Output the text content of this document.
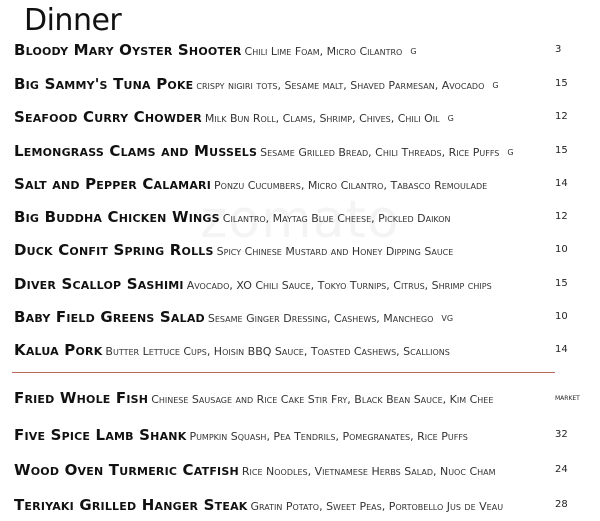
Dinner
Bloody Mary Oyster Shooter Chili Lime Foam, Micro Cilantro G	3
Big Sammy's Tuna Poke crispy nigiri tots, Sesame malt, Shaved Parmesan, Avocado G	15
Seafood Curry Chowder Milk Bun Roll, Clams, Shrimp, Chives, Chili Oil G	12
Lemongrass Clams and Mussels Sesame Grilled Bread, Chili Threads, Rice Puffs G	15
Salt and Pepper Calamari Ponzu Cucumbers, Micro Cilantro, Tabasco Remoulade	14
Big Buddha Chicken Wings Cilantro, Maytag Blue Cheese, Pickled Daikon	12
Duck Confit Spring Rolls Spicy Chinese Mustard and Honey Dipping Sauce	10
Diver Scallop Sashimi Avocado, XO Chili Sauce, Tokyo Turnips, Citrus, Shrimp chips	15
Baby Field Greens Salad Sesame Ginger Dressing, Cashews, Manchego VG	10
Kalua Pork Butter Lettuce Cups, Hoisin BBQ Sauce, Toasted Cashews, Scallions	14
Fried Whole Fish Chinese Sausage and Rice Cake Stir Fry, Black Bean Sauce, Kim Chee	market
Five Spice Lamb Shank Pumpkin Squash, Pea Tendrils, Pomegranates, Rice Puffs	32
Wood Oven Turmeric Catfish Rice Noodles, Vietnamese Herbs Salad, Nuoc Cham	24
Teriyaki Grilled Hanger Steak Gratin Potato, Sweet Peas, Portobello Jus de Veau	28
